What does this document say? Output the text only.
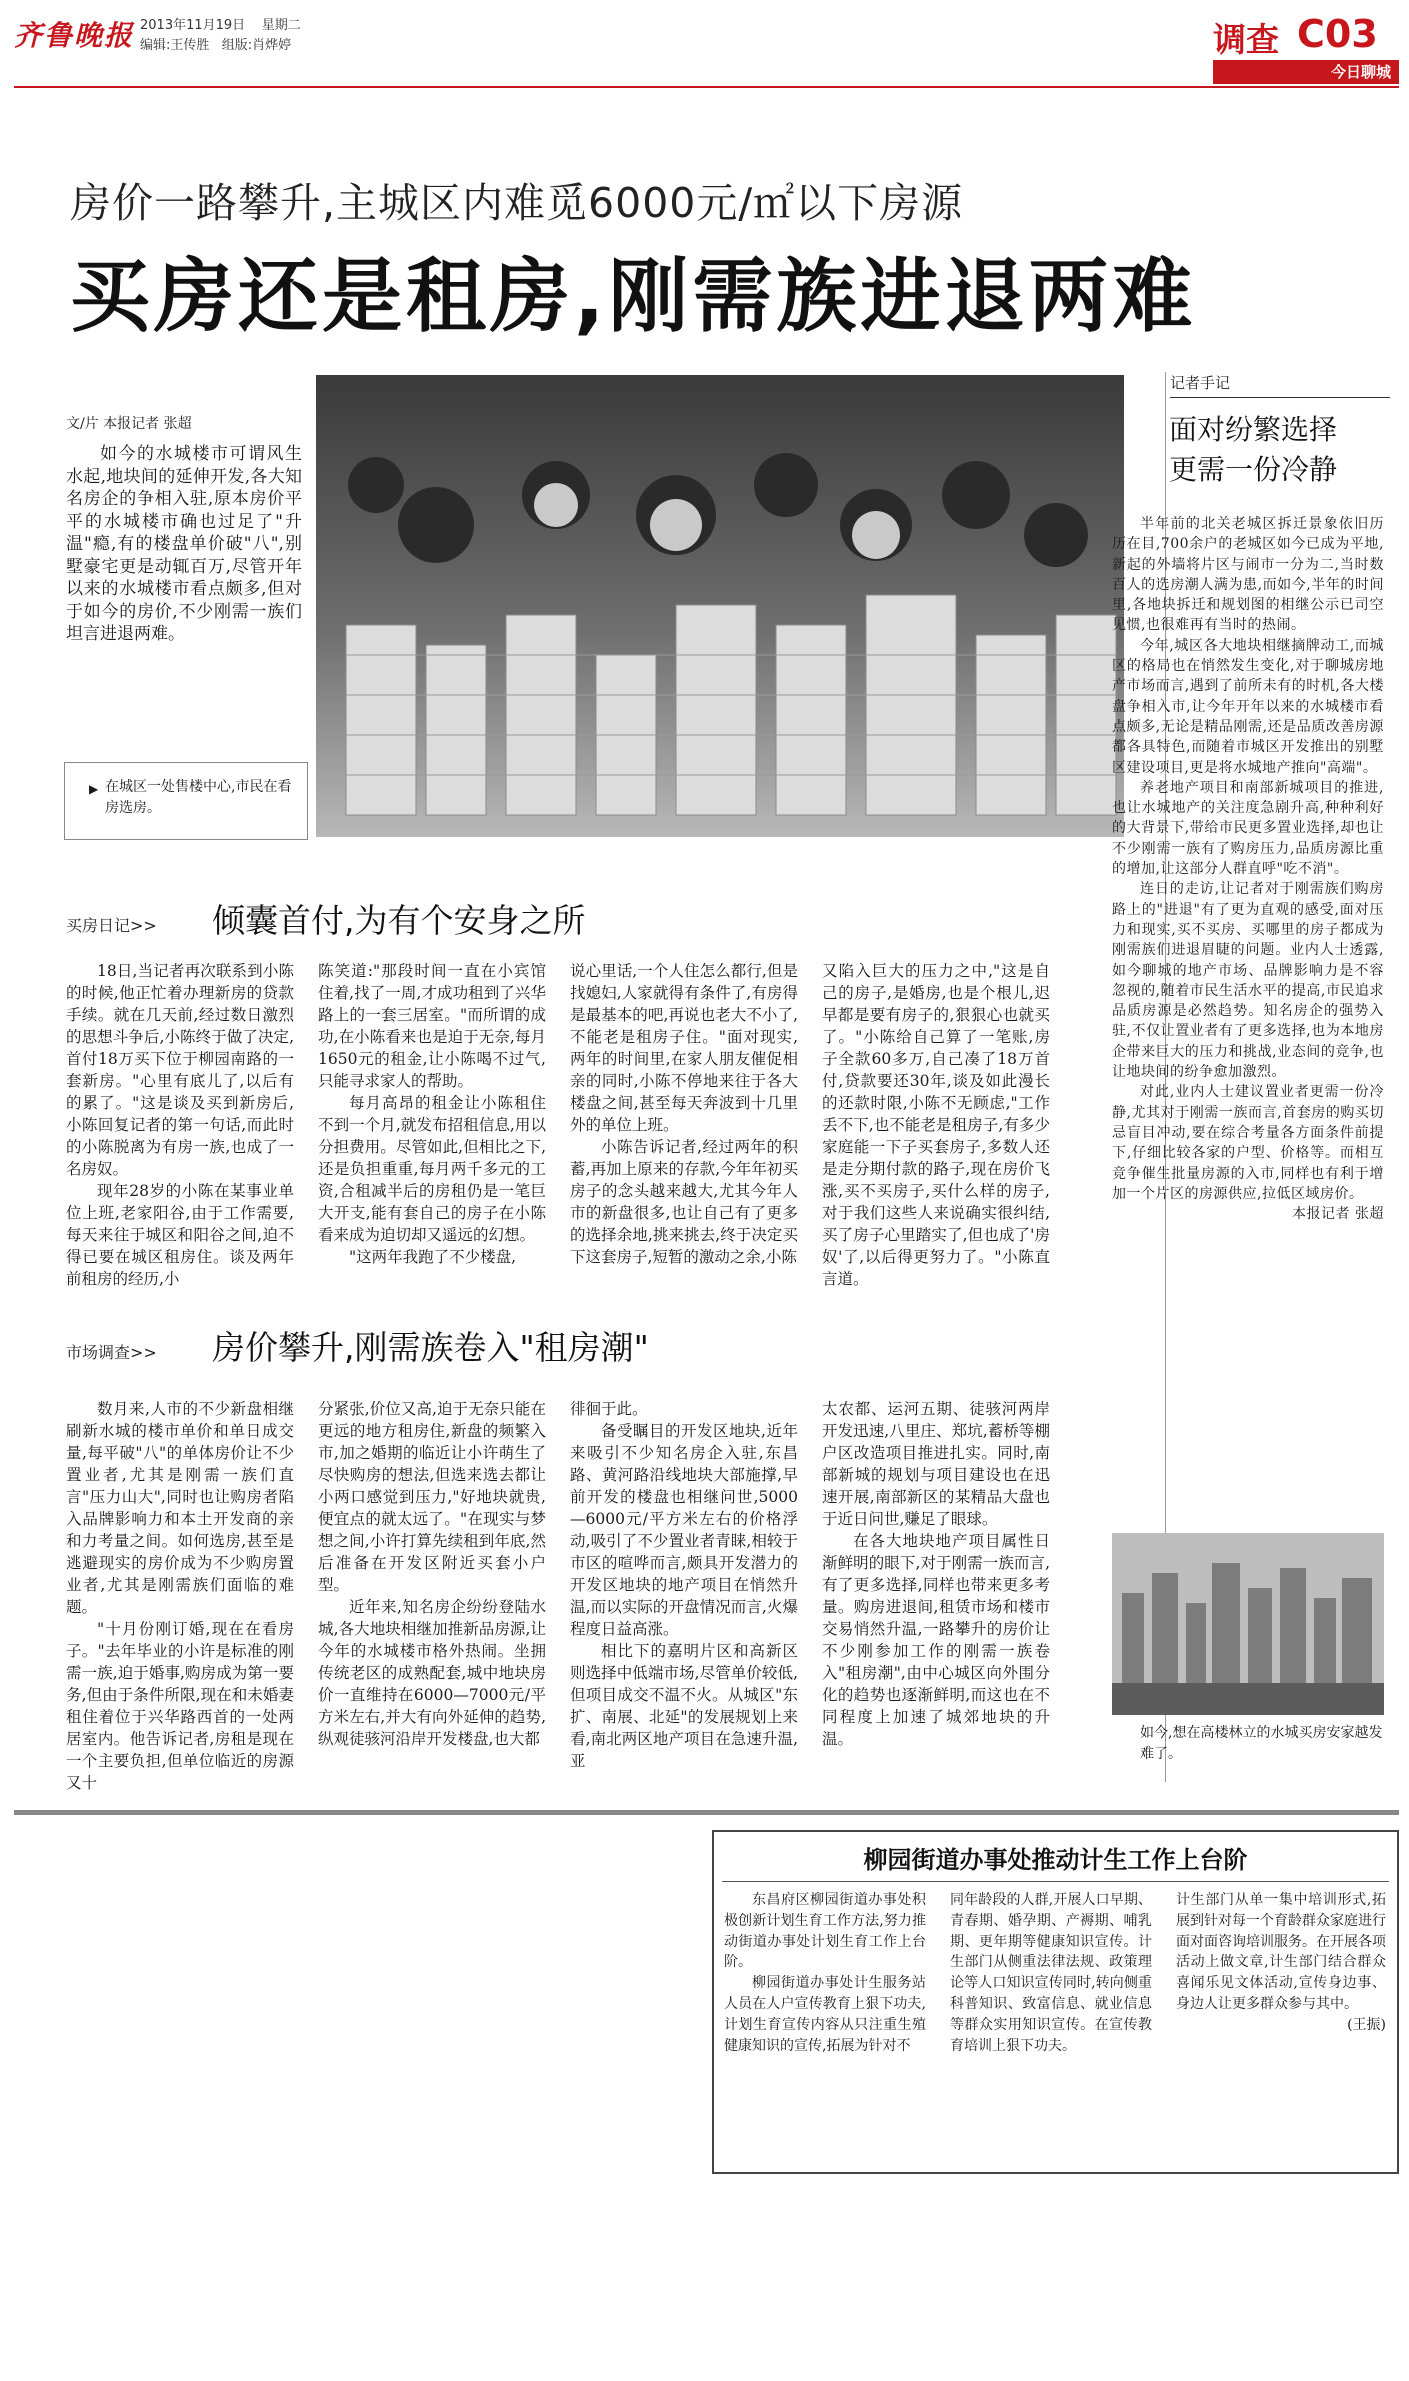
齐鲁晚报 2013年11月19日 星期二
编辑:王传胜 组版:肖烨婷	调查 C03
今日聊城
房价一路攀升,主城区内难觅6000元/㎡以下房源
买房还是租房,刚需族进退两难
文/片 本报记者 张超

如今的水城楼市可谓风生水起,地块间的延伸开发,各大知名房企的争相入驻,原本房价平平的水城楼市确也过足了"升温"瘾,有的楼盘单价破"八",别墅豪宅更是动辄百万,尽管开年以来的水城楼市看点颇多,但对于如今的房价,不少刚需一族们坦言进退两难。

▶ 在城区一处售楼中心,市民在看房选房。
记者手记
面对纷繁选择
更需一份冷静

半年前的北关老城区拆迁景象依旧历历在目,700余户的老城区如今已成为平地,新起的外墙将片区与闹市一分为二,当时数百人的选房潮人满为患,而如今,半年的时间里,各地块拆迁和规划图的相继公示已司空见惯,也很难再有当时的热闹。

今年,城区各大地块相继摘牌动工,而城区的格局也在悄然发生变化,对于聊城房地产市场而言,遇到了前所未有的时机,各大楼盘争相入市,让今年开年以来的水城楼市看点颇多,无论是精品刚需,还是品质改善房源都各具特色,而随着市城区开发推出的别墅区建设项目,更是将水城地产推向"高端"。

养老地产项目和南部新城项目的推进,也让水城地产的关注度急剧升高,种种利好的大背景下,带给市民更多置业选择,却也让不少刚需一族有了购房压力,品质房源比重的增加,让这部分人群直呼"吃不消"。

连日的走访,让记者对于刚需族们购房路上的"进退"有了更为直观的感受,面对压力和现实,买不买房、买哪里的房子都成为刚需族们进退眉睫的问题。业内人士透露,如今聊城的地产市场、品牌影响力是不容忽视的,随着市民生活水平的提高,市民追求品质房源是必然趋势。知名房企的强势入驻,不仅让置业者有了更多选择,也为本地房企带来巨大的压力和挑战,业态间的竞争,也让地块间的纷争愈加激烈。

对此,业内人士建议置业者更需一份冷静,尤其对于刚需一族而言,首套房的购买切忌盲目冲动,要在综合考量各方面条件前提下,仔细比较各家的户型、价格等。而相互竞争催生批量房源的入市,同样也有利于增加一个片区的房源供应,拉低区域房价。

本报记者 张超
如今,想在高楼林立的水城买房安家越发难了。
买房日记>> 倾囊首付,为有个安身之所

18日,当记者再次联系到小陈的时候,他正忙着办理新房的贷款手续。就在几天前,经过数日激烈的思想斗争后,小陈终于做了决定,首付18万买下位于柳园南路的一套新房。"心里有底儿了,以后有的累了。"这是谈及买到新房后,小陈回复记者的第一句话,而此时的小陈脱离为有房一族,也成了一名房奴。

现年28岁的小陈在某事业单位上班,老家阳谷,由于工作需要,每天来往于城区和阳谷之间,迫不得已要在城区租房住。谈及两年前租房的经历,小

陈笑道:"那段时间一直在小宾馆住着,找了一周,才成功租到了兴华路上的一套三居室。"而所谓的成功,在小陈看来也是迫于无奈,每月1650元的租金,让小陈喝不过气,只能寻求家人的帮助。

每月高昂的租金让小陈租住不到一个月,就发布招租信息,用以分担费用。尽管如此,但相比之下,还是负担重重,每月两千多元的工资,合租减半后的房租仍是一笔巨大开支,能有套自己的房子在小陈看来成为迫切却又遥远的幻想。

"这两年我跑了不少楼盘,

说心里话,一个人住怎么都行,但是找媳妇,人家就得有条件了,有房得是最基本的吧,再说也老大不小了,不能老是租房子住。"面对现实,两年的时间里,在家人朋友催促相亲的同时,小陈不停地来往于各大楼盘之间,甚至每天奔波到十几里外的单位上班。

小陈告诉记者,经过两年的积蓄,再加上原来的存款,今年年初买房子的念头越来越大,尤其今年人市的新盘很多,也让自己有了更多的选择余地,挑来挑去,终于决定买下这套房子,短暂的激动之余,小陈

又陷入巨大的压力之中,"这是自己的房子,是婚房,也是个根儿,迟早都是要有房子的,狠狠心也就买了。"小陈给自己算了一笔账,房子全款60多万,自己凑了18万首付,贷款要还30年,谈及如此漫长的还款时限,小陈不无顾虑,"工作丢不下,也不能老是租房子,有多少家庭能一下子买套房子,多数人还是走分期付款的路子,现在房价飞涨,买不买房子,买什么样的房子,对于我们这些人来说确实很纠结,买了房子心里踏实了,但也成了'房奴'了,以后得更努力了。"小陈直言道。

市场调查>> 房价攀升,刚需族卷入"租房潮"

数月来,人市的不少新盘相继刷新水城的楼市单价和单日成交量,每平破"八"的单体房价让不少置业者,尤其是刚需一族们直言"压力山大",同时也让购房者陷入品牌影响力和本土开发商的亲和力考量之间。如何选房,甚至是逃避现实的房价成为不少购房置业者,尤其是刚需族们面临的难题。

"十月份刚订婚,现在在看房子。"去年毕业的小许是标准的刚需一族,迫于婚事,购房成为第一要务,但由于条件所限,现在和未婚妻租住着位于兴华路西首的一处两居室内。他告诉记者,房租是现在一个主要负担,但单位临近的房源又十

分紧张,价位又高,迫于无奈只能在更远的地方租房住,新盘的频繁入市,加之婚期的临近让小许萌生了尽快购房的想法,但选来选去都让小两口感觉到压力,"好地块就贵,便宜点的就太远了。"在现实与梦想之间,小许打算先续租到年底,然后准备在开发区附近买套小户型。

近年来,知名房企纷纷登陆水城,各大地块相继加推新品房源,让今年的水城楼市格外热闹。坐拥传统老区的成熟配套,城中地块房价一直维持在6000—7000元/平方米左右,并大有向外延伸的趋势,纵观徒骇河沿岸开发楼盘,也大都

徘徊于此。

备受瞩目的开发区地块,近年来吸引不少知名房企入驻,东昌路、黄河路沿线地块大部施撑,早前开发的楼盘也相继问世,5000—6000元/平方米左右的价格浮动,吸引了不少置业者青睐,相较于市区的喧哗而言,颇具开发潜力的开发区地块的地产项目在悄然升温,而以实际的开盘情况而言,火爆程度日益高涨。

相比下的嘉明片区和高新区则选择中低端市场,尽管单价较低,但项目成交不温不火。从城区"东扩、南展、北延"的发展规划上来看,南北两区地产项目在急速升温,亚

太农都、运河五期、徒骇河两岸开发迅速,八里庄、郑坑,蓄桥等棚户区改造项目推进扎实。同时,南部新城的规划与项目建设也在迅速开展,南部新区的某精品大盘也于近日问世,赚足了眼球。

在各大地块地产项目属性日渐鲜明的眼下,对于刚需一族而言,有了更多选择,同样也带来更多考量。购房进退间,租赁市场和楼市交易悄然升温,一路攀升的房价让不少刚参加工作的刚需一族卷入"租房潮",由中心城区向外围分化的趋势也逐渐鲜明,而这也在不同程度上加速了城郊地块的升温。

柳园街道办事处推动计生工作上台阶

东昌府区柳园街道办事处积极创新计划生育工作方法,努力推动街道办事处计划生育工作上台阶。

柳园街道办事处计生服务站人员在人户宣传教育上狠下功夫,计划生育宣传内容从只注重生殖健康知识的宣传,拓展为针对不

同年龄段的人群,开展人口早期、青春期、婚孕期、产褥期、哺乳期、更年期等健康知识宣传。计生部门从侧重法律法规、政策理论等人口知识宣传同时,转向侧重科普知识、致富信息、就业信息等群众实用知识宣传。在宣传教育培训上狠下功夫。

计生部门从单一集中培训形式,拓展到针对每一个育龄群众家庭进行面对面咨询培训服务。在开展各项活动上做文章,计生部门结合群众喜闻乐见文体活动,宣传身边事、身边人让更多群众参与其中。

(王振)
